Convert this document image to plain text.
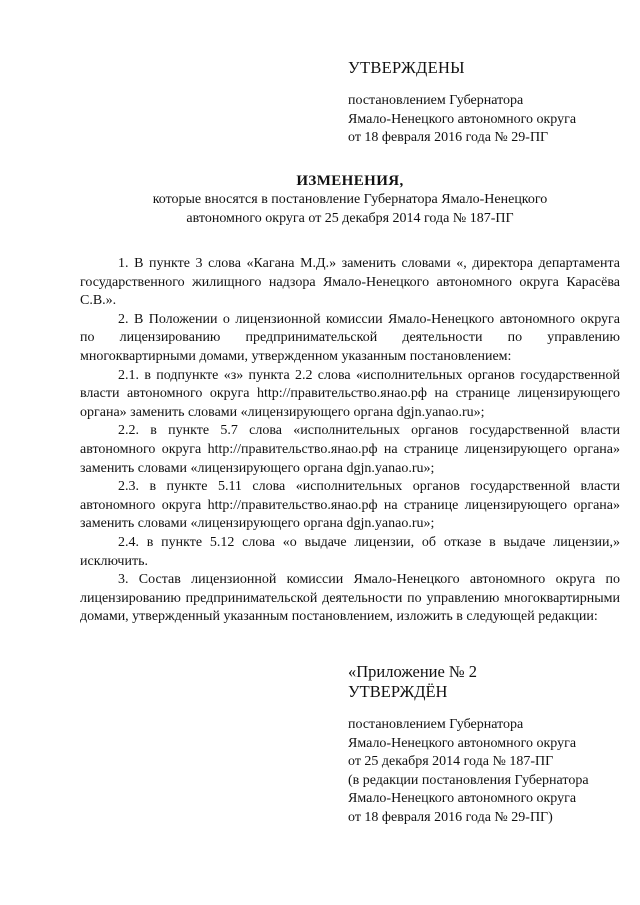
УТВЕРЖДЕНЫ
постановлением Губернатора
Ямало-Ненецкого автономного округа
от 18 февраля 2016 года № 29-ПГ
ИЗМЕНЕНИЯ,
которые вносятся в постановление Губернатора Ямало-Ненецкого
автономного округа от 25 декабря 2014 года № 187-ПГ

1. В пункте 3 слова «Кагана М.Д.» заменить словами «, директора департамента государственного жилищного надзора Ямало-Ненецкого автономного округа Карасёва С.В.».

2. В Положении о лицензионной комиссии Ямало-Ненецкого автономного округа по лицензированию предпринимательской деятельности по управлению многоквартирными домами, утвержденном указанным постановлением:

2.1. в подпункте «з» пункта 2.2 слова «исполнительных органов государственной власти автономного округа http://правительство.янао.рф на странице лицензирующего органа» заменить словами «лицензирующего органа dgjn.yanao.ru»;

2.2. в пункте 5.7 слова «исполнительных органов государственной власти автономного округа http://правительство.янао.рф на странице лицензирующего органа» заменить словами «лицензирующего органа dgjn.yanao.ru»;

2.3. в пункте 5.11 слова «исполнительных органов государственной власти автономного округа http://правительство.янао.рф на странице лицензирующего органа» заменить словами «лицензирующего органа dgjn.yanao.ru»;

2.4. в пункте 5.12 слова «о выдаче лицензии, об отказе в выдаче лицензии,» исключить.

3. Состав лицензионной комиссии Ямало-Ненецкого автономного округа по лицензированию предпринимательской деятельности по управлению многоквартирными домами, утвержденный указанным постановлением, изложить в следующей редакции:

«Приложение № 2
УТВЕРЖДЁН
постановлением Губернатора
Ямало-Ненецкого автономного округа
от 25 декабря 2014 года № 187-ПГ
(в редакции постановления Губернатора
Ямало-Ненецкого автономного округа
от 18 февраля 2016 года № 29-ПГ)
